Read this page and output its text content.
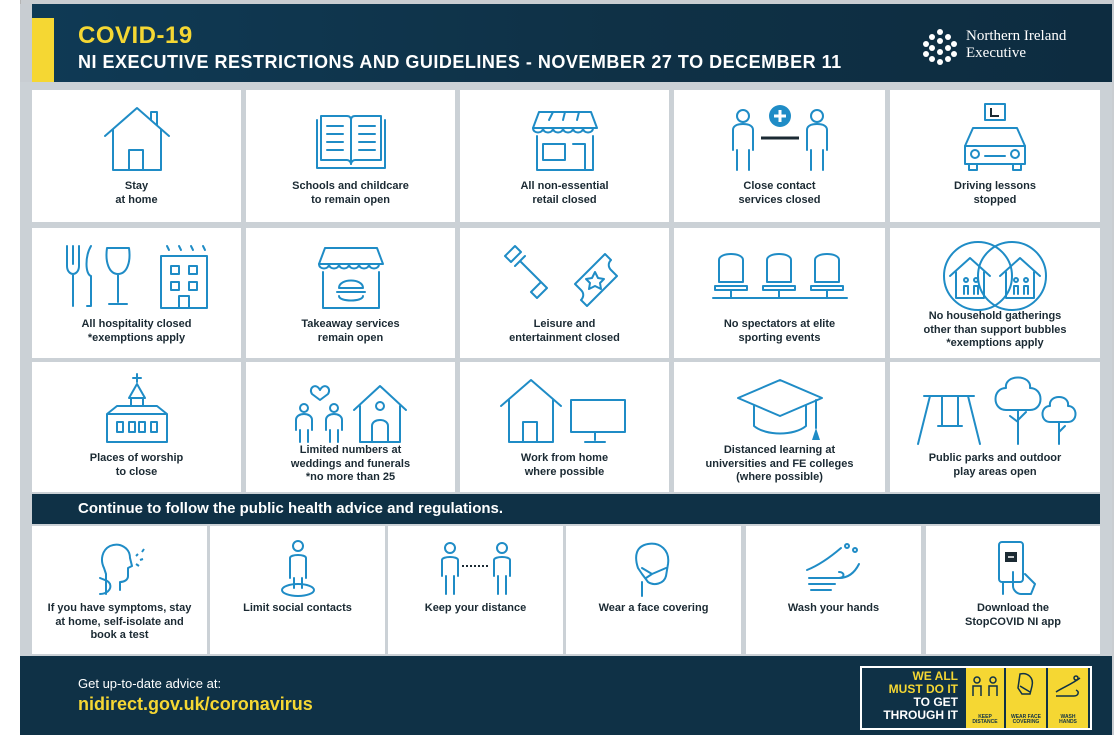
COVID-19
NI EXECUTIVE RESTRICTIONS AND GUIDELINES - NOVEMBER 27 TO DECEMBER 11
Northern Ireland
Executive
Stay
at home
Schools and childcare
to remain open
All non-essential
retail closed
Close contact
services closed
Driving lessons
stopped
All hospitality closed
*exemptions apply
Takeaway services
remain open
Leisure and
entertainment closed
No spectators at elite
sporting events
No household gatherings
other than support bubbles
*exemptions apply
Places of worship
to close
Limited numbers at
weddings and funerals
*no more than 25
Work from home
where possible
Distanced learning at
universities and FE colleges
(where possible)
Public parks and outdoor
play areas open
Continue to follow the public health advice and regulations.
If you have symptoms, stay
at home, self-isolate and
book a test
Limit social contacts	Keep your distance	Wear a face covering	Wash your hands	Download the
StopCOVID NI app
Get up-to-date advice at:
nidirect.gov.uk/coronavirus
WE ALL
MUST DO IT
TO GET
THROUGH IT	KEEP
DISTANCE
WEAR FACE
COVERING
WASH
HANDS
